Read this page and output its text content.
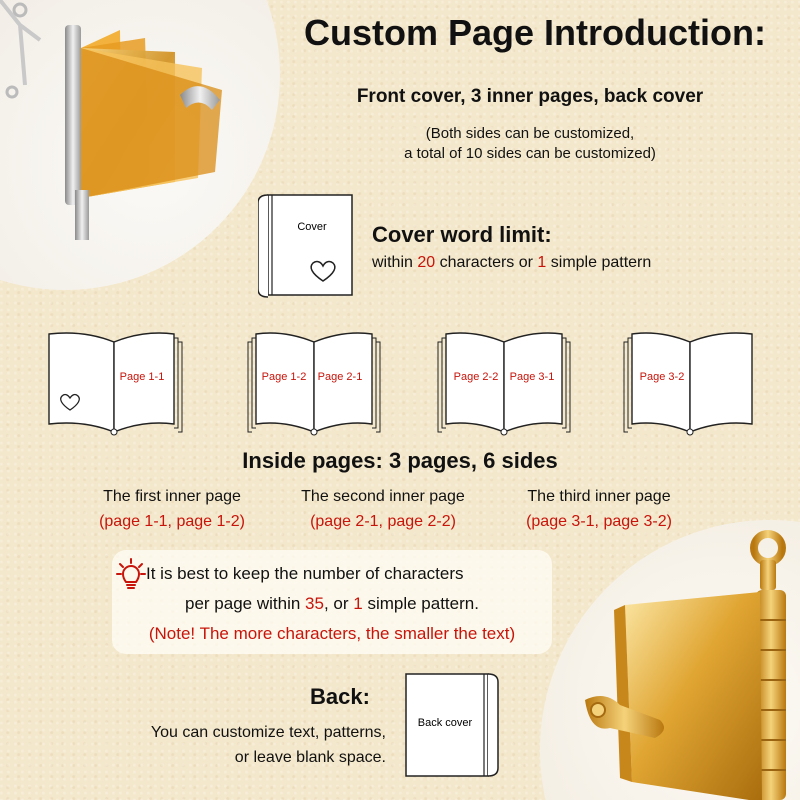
Custom Page Introduction:
Front cover, 3 inner pages, back cover
(Both sides can be customized,
a total of 10 sides can be customized)
Cover Cover word limit:
within 20 characters or 1 simple pattern
Page 1-1	Page 1-2 Page 2-1	Page 2-2 Page 3-1	Page 3-2
Inside pages: 3 pages, 6 sides
The first inner page
(page 1-1, page 1-2)
The second inner page
(page 2-1, page 2-2)
The third inner page
(page 3-1, page 3-2)
It is best to keep the number of characters
per page within 35, or 1 simple pattern.
(Note! The more characters, the smaller the text)
Back:
You can customize text, patterns,
or leave blank space.
Back cover
